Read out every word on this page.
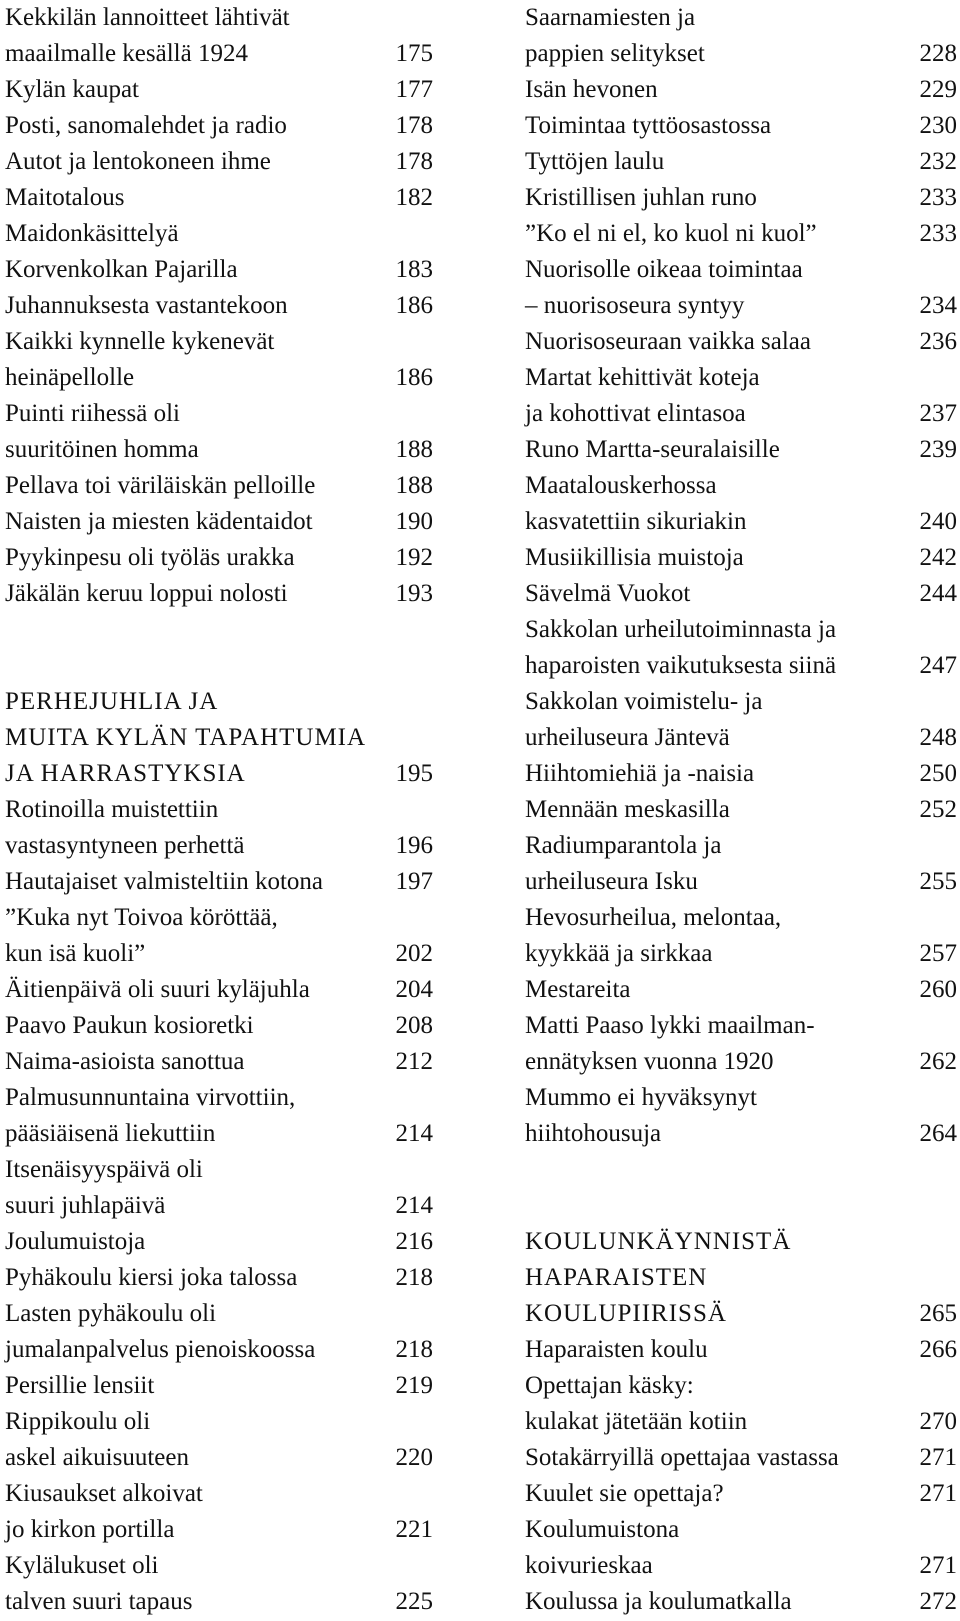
Kekkilän lannoitteet lähtivät
maailmalle kesällä 1924	175
Kylän kaupat	177
Posti, sanomalehdet ja radio	178
Autot ja lentokoneen ihme	178
Maitotalous	182
Maidonkäsittelyä
Korvenkolkan Pajarilla	183
Juhannuksesta vastantekoon	186
Kaikki kynnelle kykenevät
heinäpellolle	186
Puinti riihessä oli
suuritöinen homma	188
Pellava toi väriläiskän pelloille	188
Naisten ja miesten kädentaidot	190
Pyykinpesu oli työläs urakka	192
Jäkälän keruu loppui nolosti	193
PERHEJUHLIA JA
MUITA KYLÄN TAPAHTUMIA
JA HARRASTYKSIA	195
Rotinoilla muistettiin
vastasyntyneen perhettä	196
Hautajaiset valmisteltiin kotona	197
”Kuka nyt Toivoa köröttää,
kun isä kuoli”	202
Äitienpäivä oli suuri kyläjuhla	204
Paavo Paukun kosioretki	208
Naima-asioista sanottua	212
Palmusunnuntaina virvottiin,
pääsiäisenä liekuttiin	214
Itsenäisyyspäivä oli
suuri juhlapäivä	214
Joulumuistoja	216
Pyhäkoulu kiersi joka talossa	218
Lasten pyhäkoulu oli
jumalanpalvelus pienoiskoossa	218
Persillie lensiit	219
Rippikoulu oli
askel aikuisuuteen	220
Kiusaukset alkoivat
jo kirkon portilla	221
Kylälukuset oli
talven suuri tapaus	225
Saarnamiesten ja
pappien selitykset	228
Isän hevonen	229
Toimintaa tyttöosastossa	230
Tyttöjen laulu	232
Kristillisen juhlan runo	233
”Ko el ni el, ko kuol ni kuol”	233
Nuorisolle oikeaa toimintaa
– nuorisoseura syntyy	234
Nuorisoseuraan vaikka salaa	236
Martat kehittivät koteja
ja kohottivat elintasoa	237
Runo Martta-seuralaisille	239
Maatalouskerhossa
kasvatettiin sikuriakin	240
Musiikillisia muistoja	242
Sävelmä Vuokot	244
Sakkolan urheilutoiminnasta ja
haparoisten vaikutuksesta siinä	247
Sakkolan voimistelu- ja
urheiluseura Jäntevä	248
Hiihtomiehiä ja -naisia	250
Mennään meskasilla	252
Radiumparantola ja
urheiluseura Isku	255
Hevosurheilua, melontaa,
kyykkää ja sirkkaa	257
Mestareita	260
Matti Paaso lykki maailman-
ennätyksen vuonna 1920	262
Mummo ei hyväksynyt
hiihtohousuja	264
KOULUNKÄYNNISTÄ
HAPARAISTEN
KOULUPIIRISSÄ	265
Haparaisten koulu	266
Opettajan käsky:
kulakat jätetään kotiin	270
Sotakärryillä opettajaa vastassa	271
Kuulet sie opettaja?	271
Koulumuistona
koivurieskaa	271
Koulussa ja koulumatkalla	272
